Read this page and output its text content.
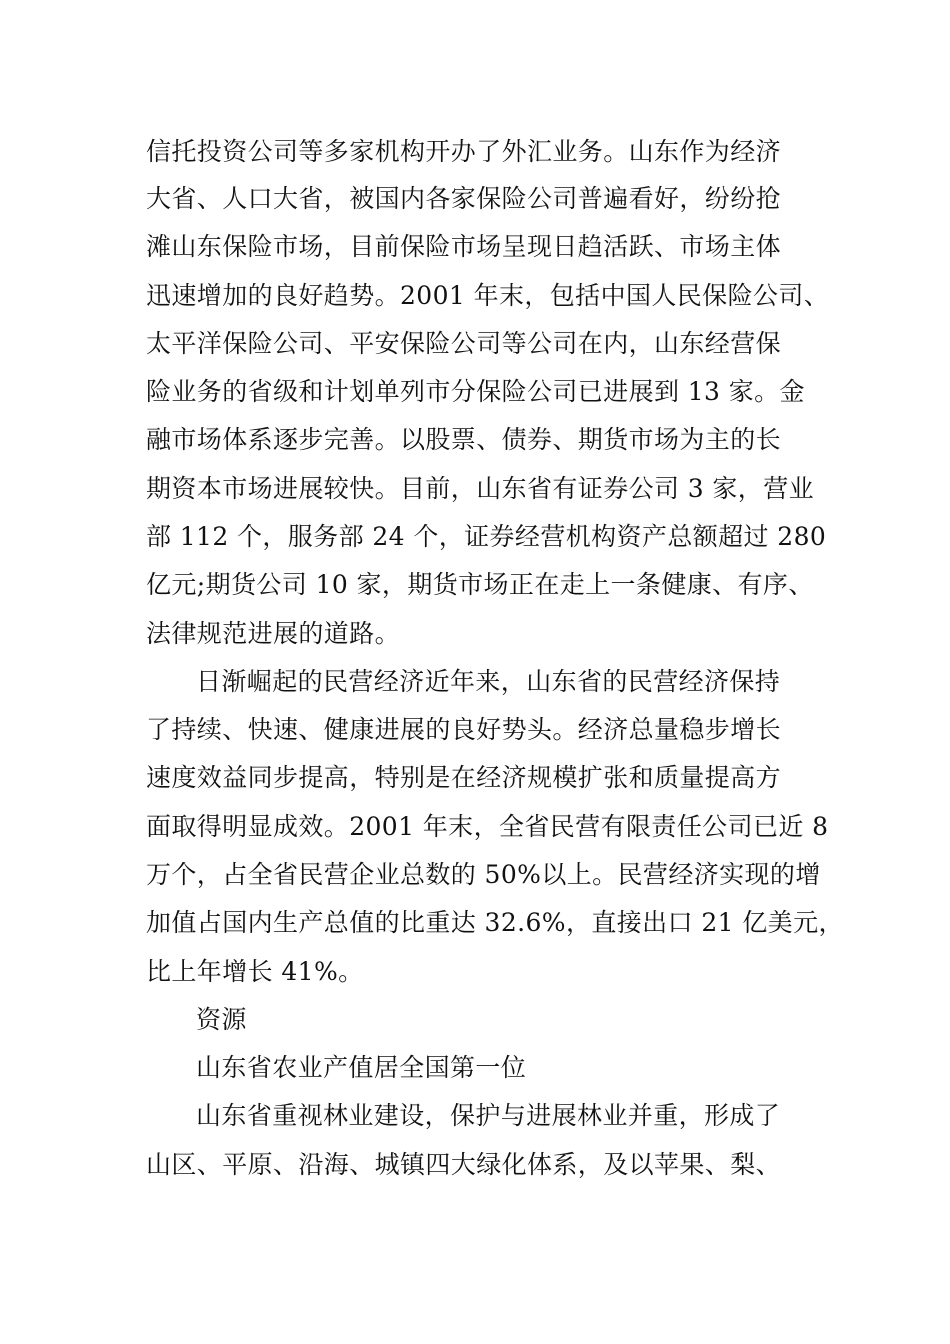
信托投资公司等多家机构开办了外汇业务。山东作为经济
大省、人口大省，被国内各家保险公司普遍看好，纷纷抢
滩山东保险市场，目前保险市场呈现日趋活跃、市场主体
迅速增加的良好趋势。2001 年末，包括中国人民保险公司、
太平洋保险公司、平安保险公司等公司在内，山东经营保
险业务的省级和计划单列市分保险公司已进展到 13 家。金
融市场体系逐步完善。以股票、债券、期货市场为主的长
期资本市场进展较快。目前，山东省有证券公司 3 家，营业
部 112 个，服务部 24 个，证券经营机构资产总额超过 280
亿元;期货公司 10 家，期货市场正在走上一条健康、有序、
法律规范进展的道路。
日渐崛起的民营经济近年来，山东省的民营经济保持
了持续、快速、健康进展的良好势头。经济总量稳步增长
速度效益同步提高，特别是在经济规模扩张和质量提高方
面取得明显成效。2001 年末，全省民营有限责任公司已近 8
万个，占全省民营企业总数的 50%以上。民营经济实现的增
加值占国内生产总值的比重达 32.6%，直接出口 21 亿美元，
比上年增长 41%。
资源
山东省农业产值居全国第一位
山东省重视林业建设，保护与进展林业并重，形成了
山区、平原、沿海、城镇四大绿化体系，及以苹果、梨、
